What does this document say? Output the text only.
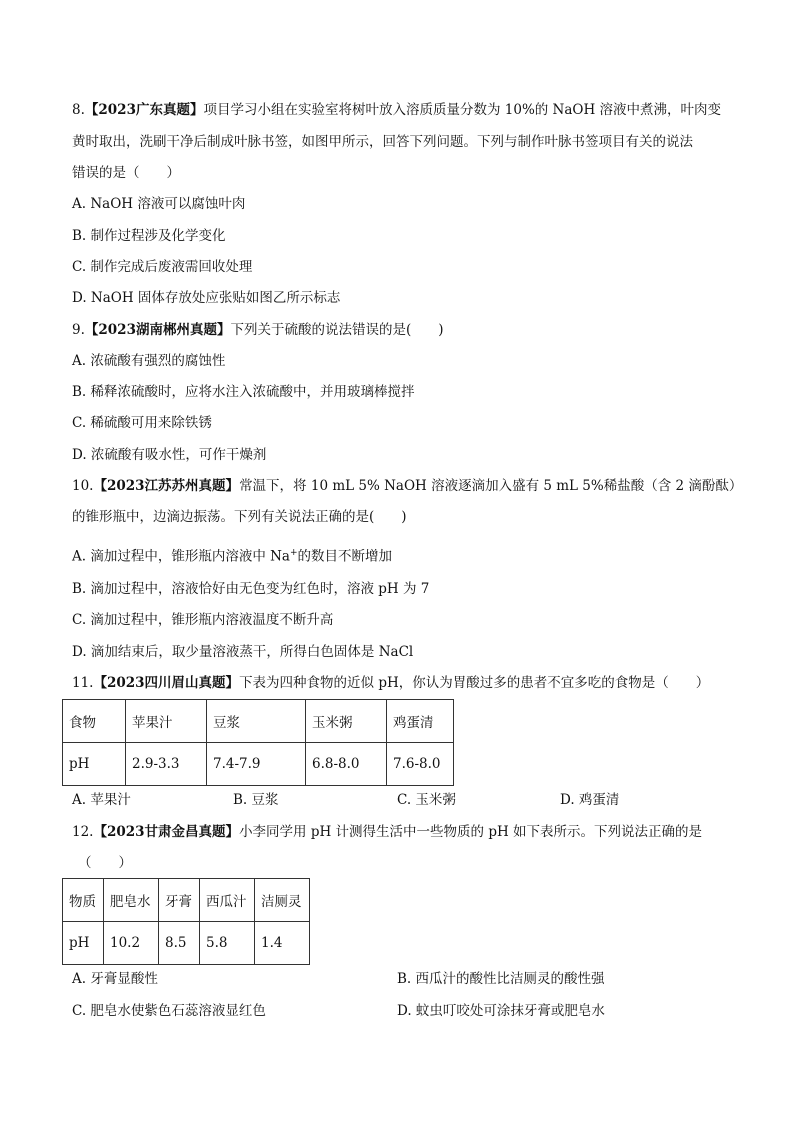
8.【2023广东真题】项目学习小组在实验室将树叶放入溶质质量分数为 10%的 NaOH 溶液中煮沸，叶肉变
黄时取出，洗刷干净后制成叶脉书签，如图甲所示，回答下列问题。下列与制作叶脉书签项目有关的说法
错误的是（　　）
A. NaOH 溶液可以腐蚀叶肉
B. 制作过程涉及化学变化
C. 制作完成后废液需回收处理
D. NaOH 固体存放处应张贴如图乙所示标志
9.【2023湖南郴州真题】下列关于硫酸的说法错误的是(　　)
A. 浓硫酸有强烈的腐蚀性
B. 稀释浓硫酸时，应将水注入浓硫酸中，并用玻璃棒搅拌
C. 稀硫酸可用来除铁锈
D. 浓硫酸有吸水性，可作干燥剂
10.【2023江苏苏州真题】常温下，将 10 mL 5% NaOH 溶液逐滴加入盛有 5 mL 5%稀盐酸（含 2 滴酚酞）
的锥形瓶中，边滴边振荡。下列有关说法正确的是(　　)
A. 滴加过程中，锥形瓶内溶液中 Na+的数目不断增加
B. 滴加过程中，溶液恰好由无色变为红色时，溶液 pH 为 7
C. 滴加过程中，锥形瓶内溶液温度不断升高
D. 滴加结束后，取少量溶液蒸干，所得白色固体是 NaCl
11.【2023四川眉山真题】下表为四种食物的近似 pH，你认为胃酸过多的患者不宜多吃的食物是（　　）
食物	苹果汁	豆浆	玉米粥	鸡蛋清
pH	2.9-3.3	7.4-7.9	6.8-8.0	7.6-8.0
A. 苹果汁	B. 豆浆	C. 玉米粥	D. 鸡蛋清
12.【2023甘肃金昌真题】小李同学用 pH 计测得生活中一些物质的 pH 如下表所示。下列说法正确的是
（　　）
物质	肥皂水	牙膏	西瓜汁	洁厕灵
pH	10.2	8.5	5.8	1.4
A. 牙膏显酸性	B. 西瓜汁的酸性比洁厕灵的酸性强
C. 肥皂水使紫色石蕊溶液显红色	D. 蚊虫叮咬处可涂抹牙膏或肥皂水
